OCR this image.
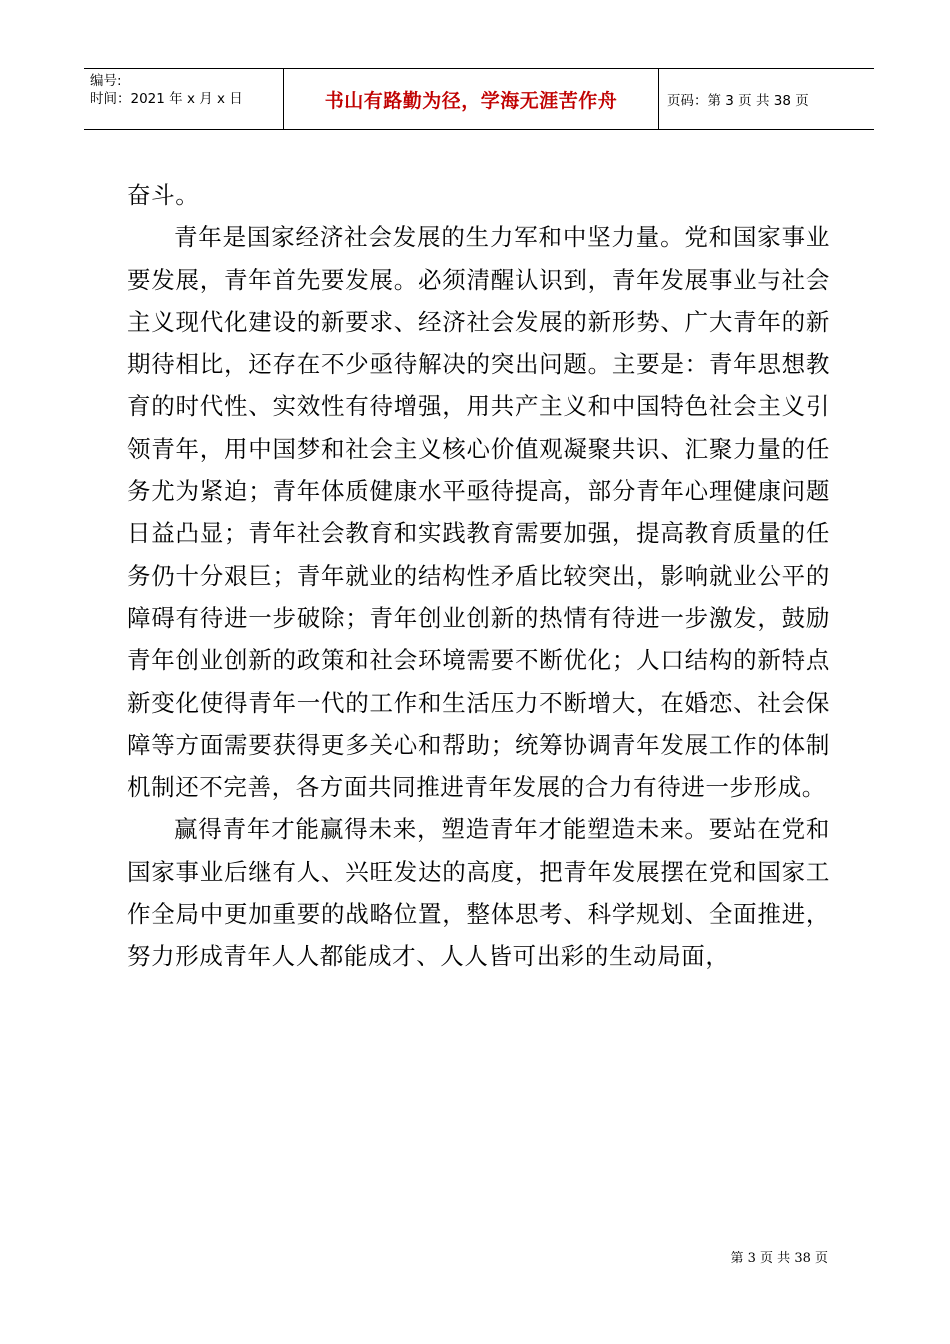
编号:
时间：2021 年 x 月 x 日	书山有路勤为径，学海无涯苦作舟	页码：第 3 页 共 38 页

奋斗。

青年是国家经济社会发展的生力军和中坚力量。党和国家事业要发展，青年首先要发展。必须清醒认识到，青年发展事业与社会主义现代化建设的新要求、经济社会发展的新形势、广大青年的新期待相比，还存在不少亟待解决的突出问题。主要是：青年思想教育的时代性、实效性有待增强，用共产主义和中国特色社会主义引领青年，用中国梦和社会主义核心价值观凝聚共识、汇聚力量的任务尤为紧迫；青年体质健康水平亟待提高，部分青年心理健康问题日益凸显；青年社会教育和实践教育需要加强，提高教育质量的任务仍十分艰巨；青年就业的结构性矛盾比较突出，影响就业公平的障碍有待进一步破除；青年创业创新的热情有待进一步激发，鼓励青年创业创新的政策和社会环境需要不断优化；人口结构的新特点新变化使得青年一代的工作和生活压力不断增大，在婚恋、社会保障等方面需要获得更多关心和帮助；统筹协调青年发展工作的体制机制还不完善，各方面共同推进青年发展的合力有待进一步形成。

赢得青年才能赢得未来，塑造青年才能塑造未来。要站在党和国家事业后继有人、兴旺发达的高度，把青年发展摆在党和国家工作全局中更加重要的战略位置，整体思考、科学规划、全面推进，努力形成青年人人都能成才、人人皆可出彩的生动局面，

第 3 页 共 38 页
